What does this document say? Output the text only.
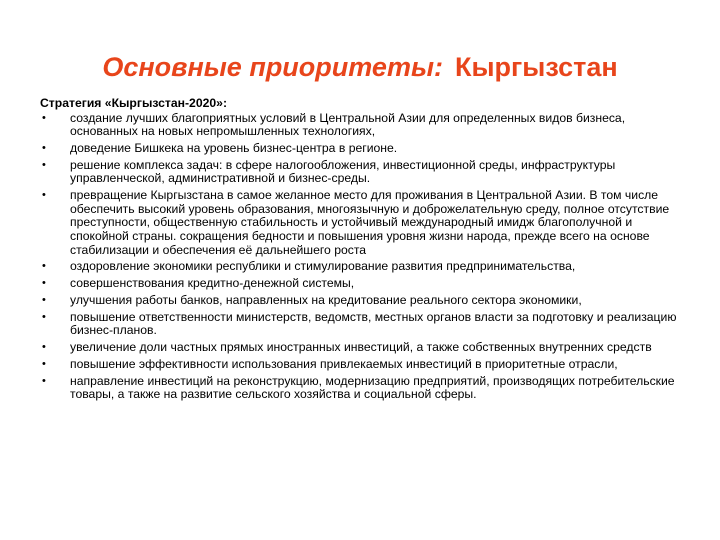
Основные приоритеты: Кыргызстан
Стратегия «Кыргызстан-2020»:
•	создание лучших благоприятных условий в Центральной Азии для определенных видов бизнеса, основанных на новых непромышленных технологиях,
•	доведение Бишкека на уровень бизнес-центра в регионе.
•	решение комплекса задач: в сфере налогообложения, инвестиционной среды, инфраструктуры управленческой, административной и бизнес-среды.
•	превращение Кыргызстана в самое желанное место для проживания в Центральной Азии. В том числе обеспечить высокий уровень образования, многоязычную и доброжелательную среду, полное отсутствие преступности, общественную стабильность и устойчивый международный имидж благополучной и спокойной страны. сокращения бедности и повышения уровня жизни народа, прежде всего на основе стабилизации и обеспечения её дальнейшего роста
•	оздоровление экономики республики и стимулирование развития предпринимательства,
•	совершенствования кредитно-денежной системы,
•	улучшения работы банков, направленных на кредитование реального сектора экономики,
•	повышение ответственности министерств, ведомств, местных органов власти за подготовку и реализацию бизнес-планов.
•	увеличение доли частных прямых иностранных инвестиций, а также собственных внутренних средств
•	повышение эффективности использования привлекаемых инвестиций в приоритетные отрасли,
•	направление инвестиций на реконструкцию, модернизацию предприятий, производящих потребительские товары, а также на развитие сельского хозяйства и социальной сферы.
